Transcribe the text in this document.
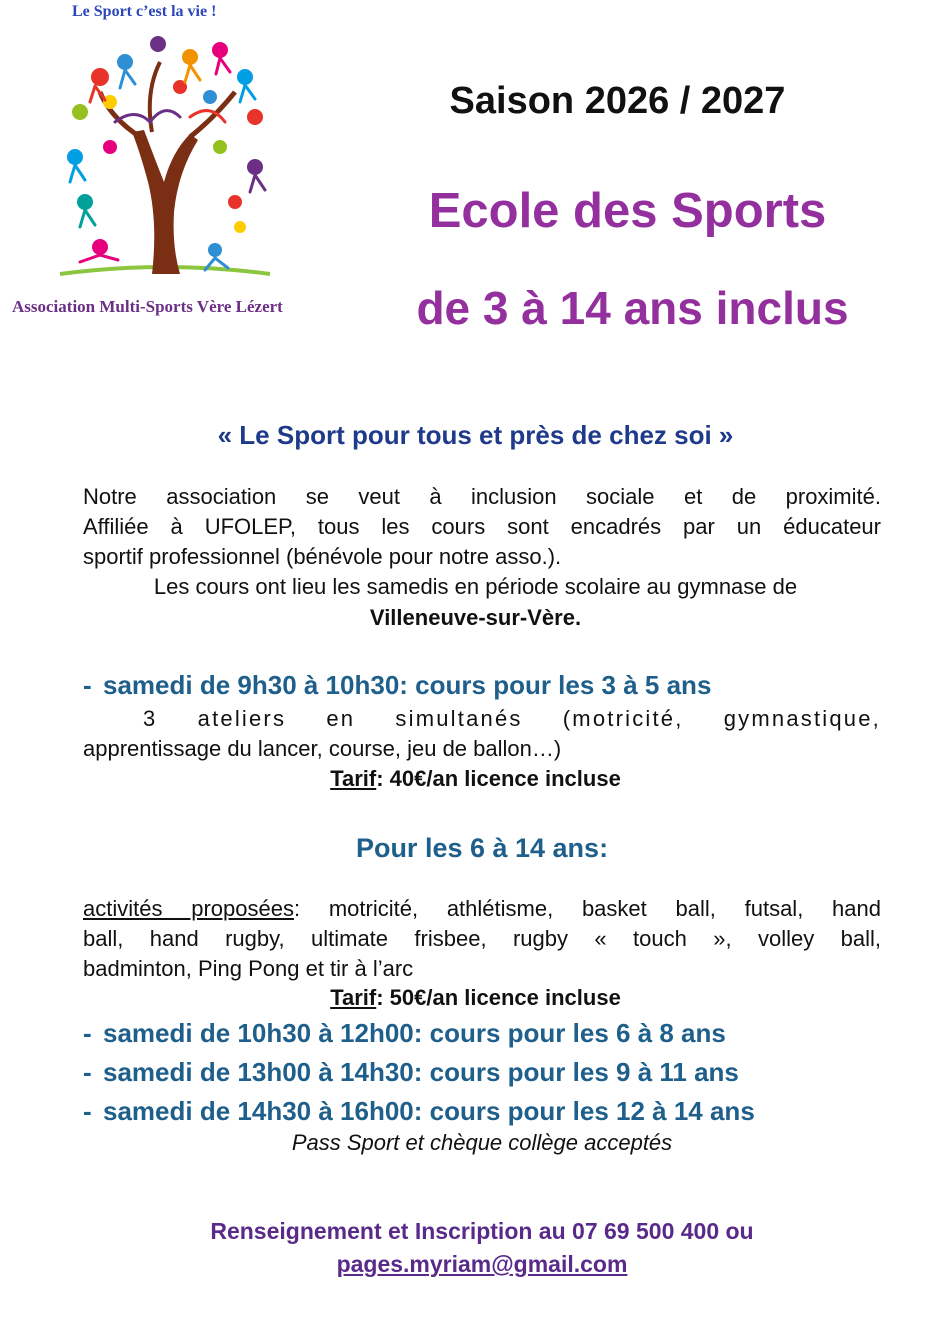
Le Sport c’est la vie !
Association Multi-Sports Vère Lézert
Saison 2026 / 2027
Ecole des Sports
de 3 à 14 ans inclus
« Le Sport pour tous et près de chez soi »
Notre association se veut à inclusion sociale et de proximité.
Affiliée à UFOLEP, tous les cours sont encadrés par un éducateur
sportif professionnel (bénévole pour notre asso.).
Les cours ont lieu les samedis en période scolaire au gymnase de
Villeneuve-sur-Vère.
- samedi de 9h30 à 10h30: cours pour les 3 à 5 ans
3 ateliers en simultanés (motricité, gymnastique,
apprentissage du lancer, course, jeu de ballon…)
Tarif: 40€/an licence incluse
Pour les 6 à 14 ans:
activités proposées: motricité, athlétisme, basket ball, futsal, hand
ball, hand rugby, ultimate frisbee, rugby « touch », volley ball,
badminton, Ping Pong et tir à l’arc
Tarif: 50€/an licence incluse
- samedi de 10h30 à 12h00: cours pour les 6 à 8 ans
- samedi de 13h00 à 14h30: cours pour les 9 à 11 ans
- samedi de 14h30 à 16h00: cours pour les 12 à 14 ans
Pass Sport et chèque collège acceptés
Renseignement et Inscription au 07 69 500 400 ou
pages.myriam@gmail.com
